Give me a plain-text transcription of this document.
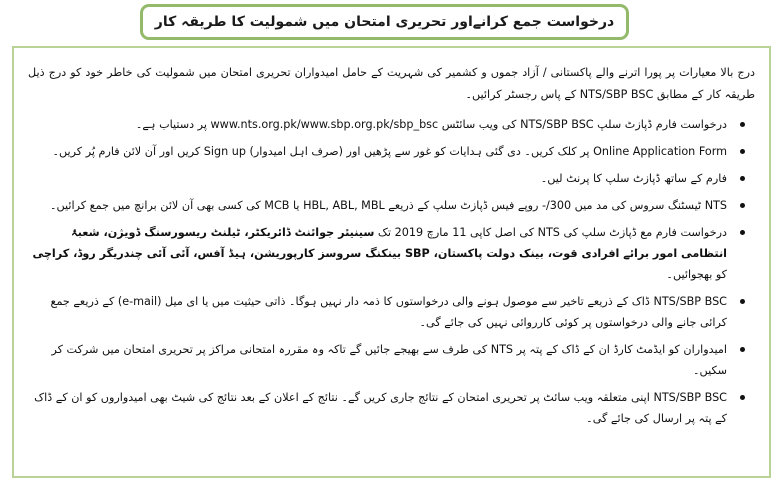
درخواست جمع کرانےاور تحریری امتحان میں شمولیت کا طریقہ کار

درج بالا معیارات پر پورا اترنے والے پاکستانی / آزاد جموں و کشمیر کی شہریت کے حامل امیدواران تحریری امتحان میں شمولیت کی خاطر خود کو درج ذیل طریقہ کار کے مطابق NTS/SBP BSC کے پاس رجسٹر کرائیں۔

درخواست فارم ڈپازٹ سلپ NTS/SBP BSC کی ویب سائٹس www.nts.org.pk/www.sbp.org.pk/sbp_bsc پر دستیاب ہے۔
Online Application Form پر کلک کریں۔ دی گئی ہدایات کو غور سے پڑھیں اور (صرف اہل امیدوار) Sign up کریں اور آن لائن فارم پُر کریں۔
فارم کے ساتھ ڈپازٹ سلپ کا پرنٹ لیں۔
NTS ٹیسٹنگ سروس کی مد میں 300/- روپے فیس ڈپازٹ سلپ کے ذریعے HBL, ABL, MBL یا MCB کی کسی بھی آن لائن برانچ میں جمع کرائیں۔
درخواست فارم مع ڈپازٹ سلپ کی NTS کی اصل کاپی 11 مارچ 2019 تک سینیئر جوائنٹ ڈائریکٹر، ٹیلنٹ ریسورسنگ ڈویژن، شعبۂ انتظامی امور برائے افرادی قوت، بینک دولت پاکستان، SBP بینکنگ سروسز کارپوریشن، ہیڈ آفس، آئی آئی چندریگر روڈ، کراچی کو بھجوائیں۔
NTS/SBP BSC ڈاک کے ذریعے تاخیر سے موصول ہونے والی درخواستوں کا ذمہ دار نہیں ہوگا۔ ذاتی حیثیت میں یا ای میل (e-mail) کے ذریعے جمع کرائی جانے والی درخواستوں پر کوئی کارروائی نہیں کی جائے گی۔
امیدواران کو ایڈمٹ کارڈ ان کے ڈاک کے پتہ پر NTS کی طرف سے بھیجے جائیں گے تاکہ وہ مقررہ امتحانی مراکز پر تحریری امتحان میں شرکت کر سکیں۔
NTS/SBP BSC اپنی متعلقہ ویب سائٹ پر تحریری امتحان کے نتائج جاری کریں گے۔ نتائج کے اعلان کے بعد نتائج کی شیٹ بھی امیدواروں کو ان کے ڈاک کے پتہ پر ارسال کی جائے گی۔
